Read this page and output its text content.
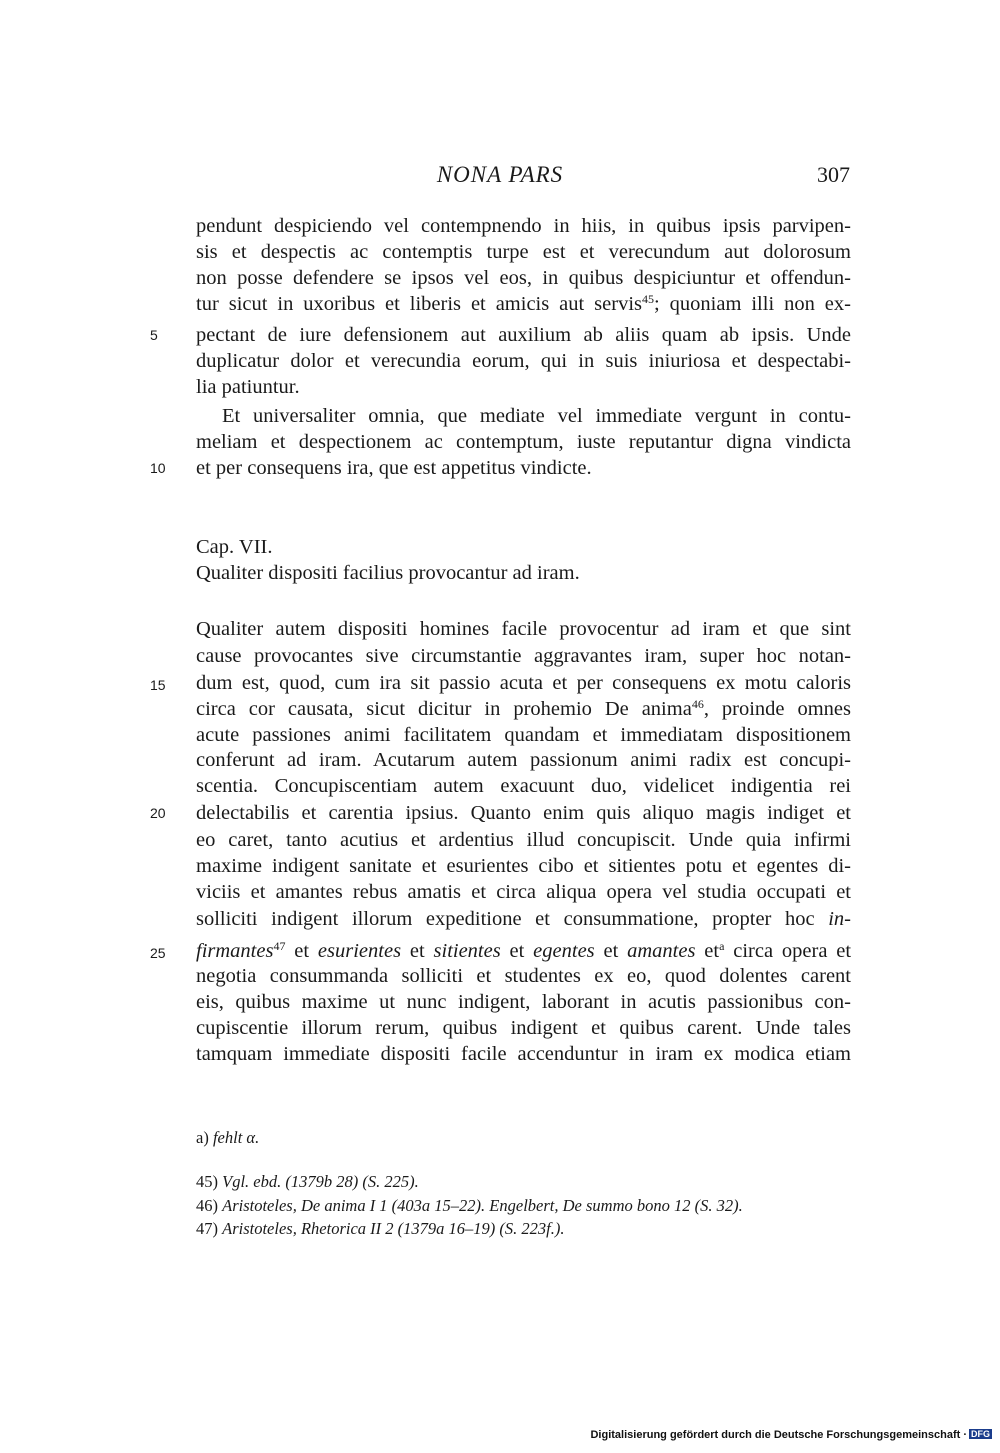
NONA PARS	307
5
10
15
20
25
pendunt despiciendo vel contempnendo in hiis, in quibus ipsis parvipen-
sis et despectis ac contemptis turpe est et verecundum aut dolorosum
non posse defendere se ipsos vel eos, in quibus despiciuntur et offendun-
tur sicut in uxoribus et liberis et amicis aut servis$^{45}$; quoniam illi non ex-
pectant de iure defensionem aut auxilium ab aliis quam ab ipsis. Unde
duplicatur dolor et verecundia eorum, qui in suis iniuriosa et despectabi-
lia patiuntur.
Et universaliter omnia, que mediate vel immediate vergunt in contu-
meliam et despectionem ac contemptum, iuste reputantur digna vindicta
et per consequens ira, que est appetitus vindicte.
Cap. VII.
Qualiter dispositi facilius provocantur ad iram.
Qualiter autem dispositi homines facile provocentur ad iram et que sint
cause provocantes sive circumstantie aggravantes iram, super hoc notan-
dum est, quod, cum ira sit passio acuta et per consequens ex motu caloris
circa cor causata, sicut dicitur in prohemio De anima$^{46}$, proinde omnes
acute passiones animi facilitatem quandam et immediatam dispositionem
conferunt ad iram. Acutarum autem passionum animi radix est concupi-
scentia. Concupiscentiam autem exacuunt duo, videlicet indigentia rei
delectabilis et carentia ipsius. Quanto enim quis aliquo magis indiget et
eo caret, tanto acutius et ardentius illud concupiscit. Unde quia infirmi
maxime indigent sanitate et esurientes cibo et sitientes potu et egentes di-
viciis et amantes rebus amatis et circa aliqua opera vel studia occupati et
solliciti indigent illorum expeditione et consummatione, propter hoc in-
firmantes$^{47}$ et esurientes et sitientes et egentes et amantes $et^a$ circa opera et
negotia consummanda solliciti et studentes ex eo, quod dolentes carent
eis, quibus maxime ut nunc indigent, laborant in acutis passionibus con-
cupiscentie illorum rerum, quibus indigent et quibus carent. Unde tales
tamquam immediate dispositi facile accenduntur in iram ex modica etiam
a) fehlt α.
45) Vgl. ebd. (1379b 28) (S. 225).
46) Aristoteles, De anima I 1 (403a 15–22). Engelbert, De summo bono 12 (S. 32).
47) Aristoteles, Rhetorica II 2 (1379a 16–19) (S. 223f.).
Digitalisierung gefördert durch die Deutsche Forschungsgemeinschaft · DFG
